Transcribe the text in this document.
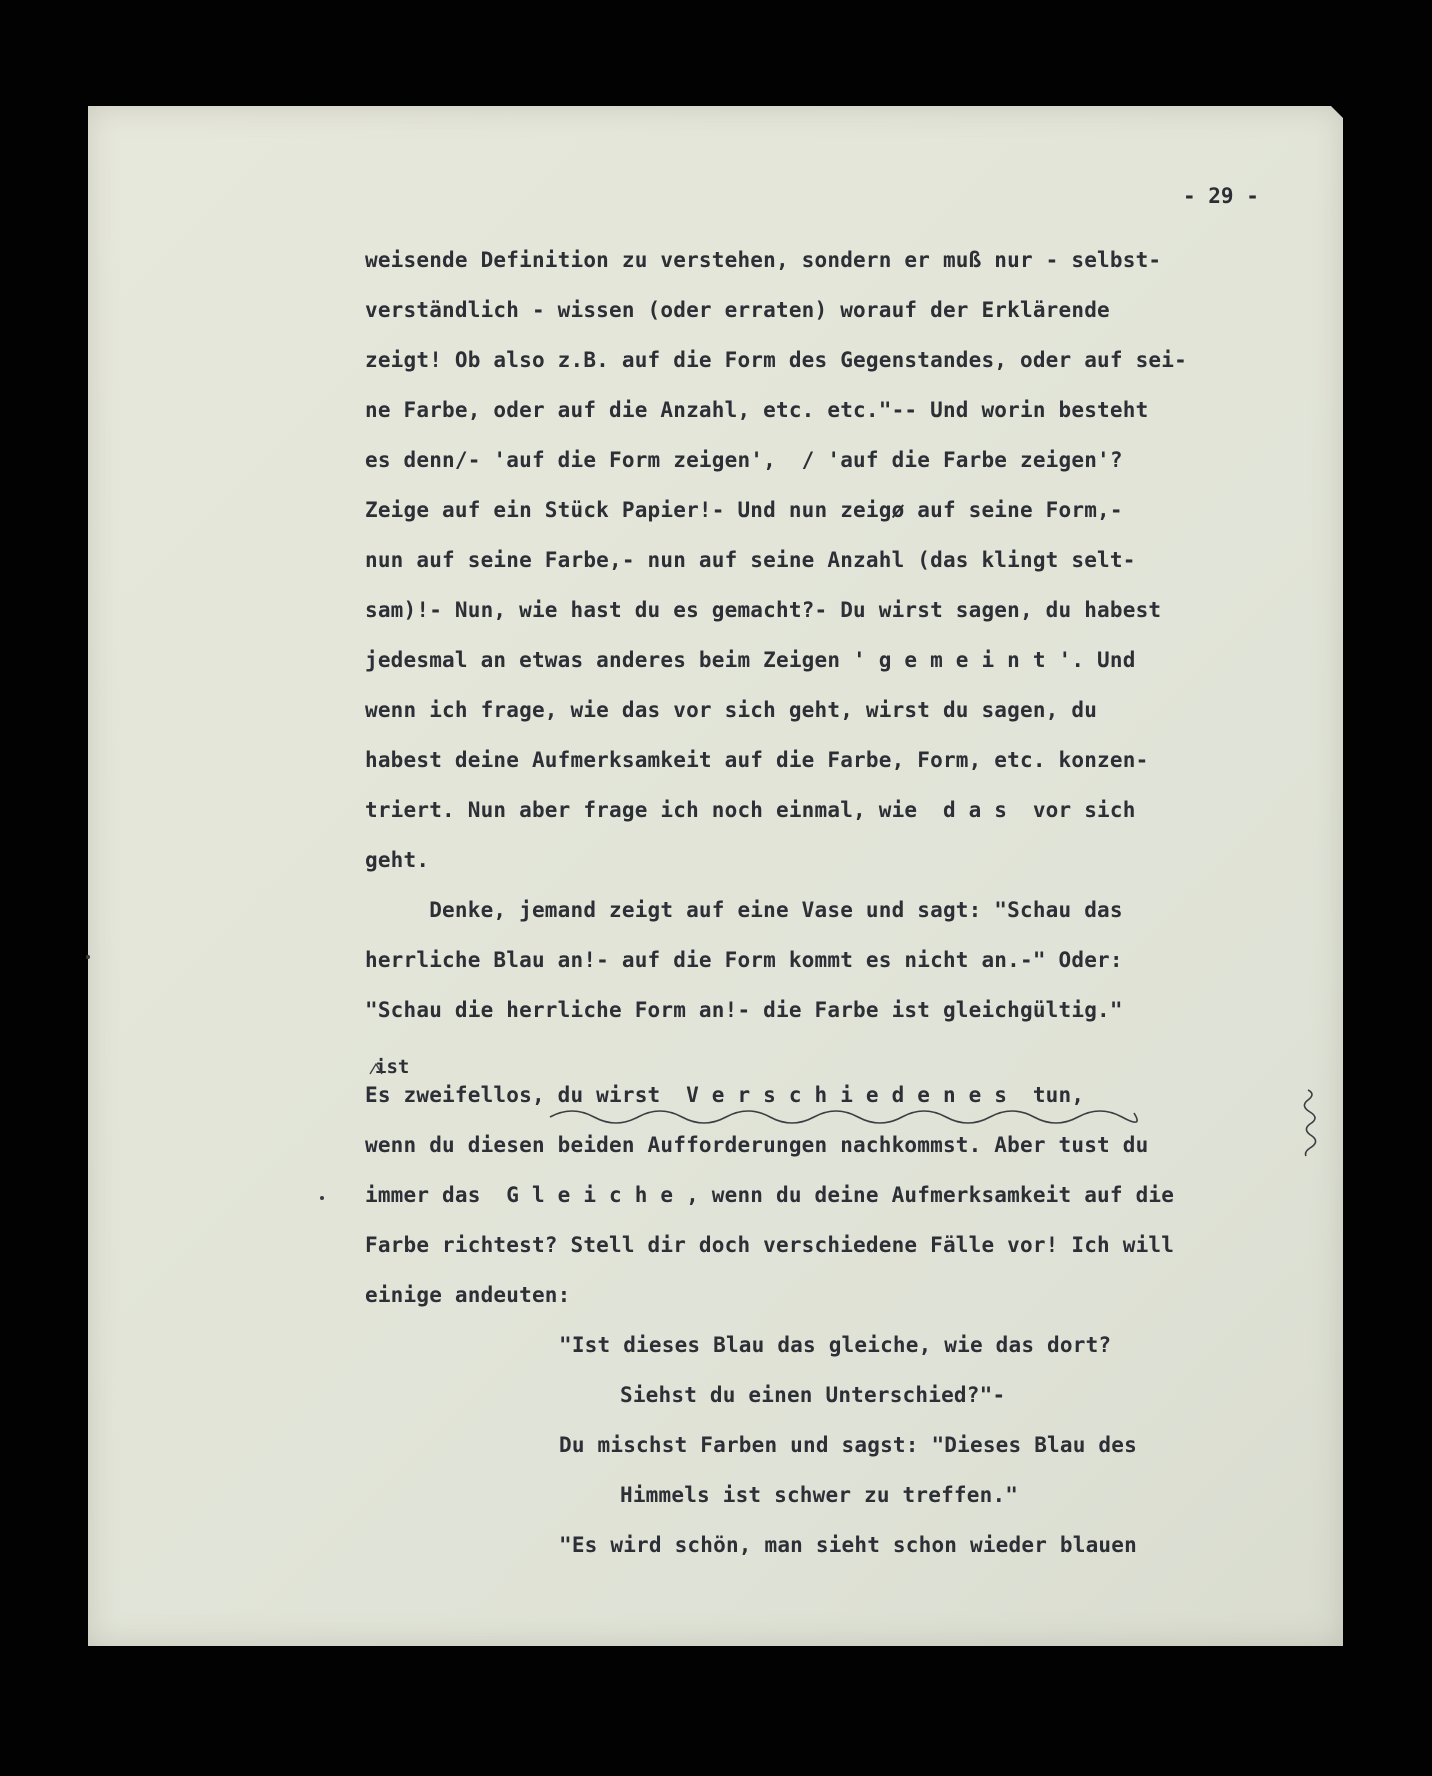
- 29 -
weisende Definition zu verstehen, sondern er muß nur - selbst-
verständlich - wissen (oder erraten) worauf der Erklärende
zeigt! Ob also z.B. auf die Form des Gegenstandes, oder auf sei-
ne Farbe, oder auf die Anzahl, etc. etc."-- Und worin besteht
es denn/- 'auf die Form zeigen',  / 'auf die Farbe zeigen'?
Zeige auf ein Stück Papier!- Und nun zeigø auf seine Form,-
nun auf seine Farbe,- nun auf seine Anzahl (das klingt selt-
sam)!- Nun, wie hast du es gemacht?- Du wirst sagen, du habest
jedesmal an etwas anderes beim Zeigen ' g e m e i n t '. Und
wenn ich frage, wie das vor sich geht, wirst du sagen, du
habest deine Aufmerksamkeit auf die Farbe, Form, etc. konzen-
triert. Nun aber frage ich noch einmal, wie  d a s  vor sich
geht.
Denke, jemand zeigt auf eine Vase und sagt: "Schau das
herrliche Blau an!- auf die Form kommt es nicht an.-" Oder:
"Schau die herrliche Form an!- die Farbe ist gleichgültig."
ist
Es zweifellos, du wirst  V e r s c h i e d e n e s  tun,
wenn du diesen beiden Aufforderungen nachkommst. Aber tust du
immer das  G l e i c h e , wenn du deine Aufmerksamkeit auf die
Farbe richtest? Stell dir doch verschiedene Fälle vor! Ich will
einige andeuten:
"Ist dieses Blau das gleiche, wie das dort?
Siehst du einen Unterschied?"-
Du mischst Farben und sagst: "Dieses Blau des
Himmels ist schwer zu treffen."
"Es wird schön, man sieht schon wieder blauen
